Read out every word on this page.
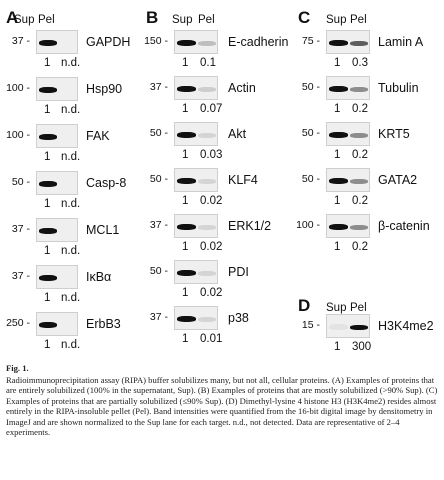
A
Sup Pel
37 -	GAPDH
1 n.d.
100 -	Hsp90
1 n.d.
100 -	FAK
1 n.d.
50 -	Casp-8
1 n.d.
37 -	MCL1
1 n.d.
37 -	IκBα
1 n.d.
250 -	ErbB3
1 n.d.
B Sup Pel
150 -	E-cadherin
1 0.1
37 -	Actin
1 0.07
50 -	Akt
1 0.03
50 -	KLF4
1 0.02
37 -	ERK1/2
1 0.02
50 -	PDI
1 0.02
37 -	p38
1 0.01
C Sup Pel
75 -	Lamin A
1 0.3
50 -	Tubulin
1 0.2
50 -	KRT5
1 0.2
50 -	GATA2
1 0.2
100 -	β-catenin
1 0.2
D Sup Pel
15 -	H3K4me2
1 300
Fig. 1.
Radioimmunoprecipitation assay (RIPA) buffer solubilizes many, but not all, cellular proteins. (A) Examples of proteins that are entirely solubilized (100% in the supernatant, Sup). (B) Examples of proteins that are mostly solubilized (>90% Sup). (C) Examples of proteins that are partially solubilized (≤90% Sup). (D) Dimethyl-lysine 4 histone H3 (H3K4me2) resides almost entirely in the RIPA-insoluble pellet (Pel). Band intensities were quantified from the 16-bit digital image by densitometry in ImageJ and are shown normalized to the Sup lane for each target. n.d., not detected. Data are representative of 2–4 experiments.
